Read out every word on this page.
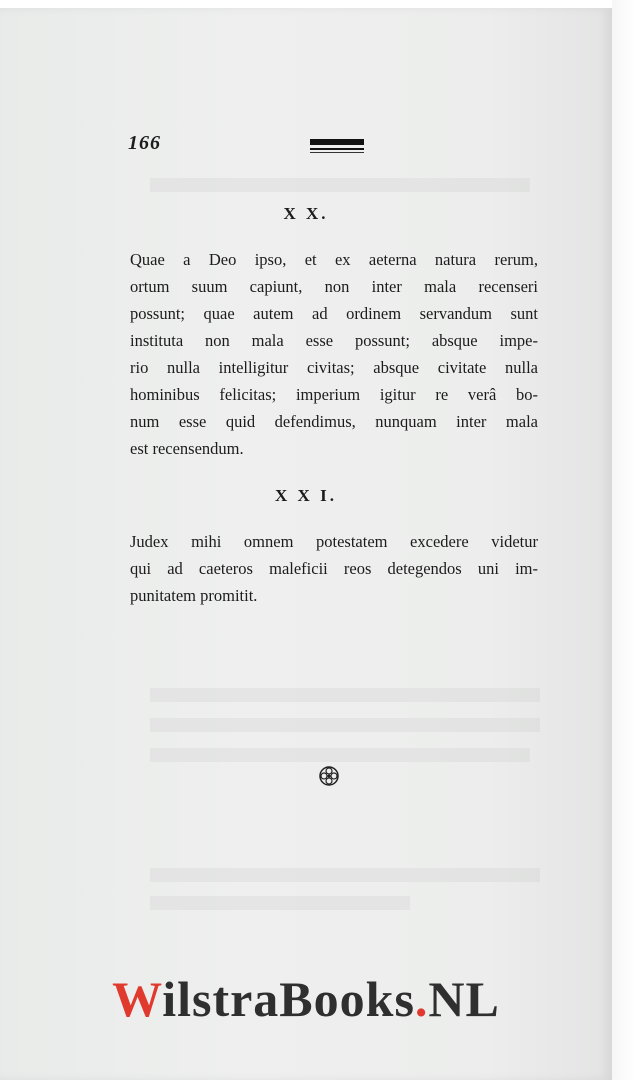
166
X X.
Quae a Deo ipso, et ex aeterna natura rerum,
ortum suum capiunt, non inter mala recenseri
possunt; quae autem ad ordinem servandum sunt
instituta non mala esse possunt; absque impe-
rio nulla intelligitur civitas; absque civitate nulla
hominibus felicitas; imperium igitur re verâ bo-
num esse quid defendimus, nunquam inter mala
est recensendum.
X X I.
Judex mihi omnem potestatem excedere videtur
qui ad caeteros maleficii reos detegendos uni im-
punitatem promitit.
WilstraBooks.NL
